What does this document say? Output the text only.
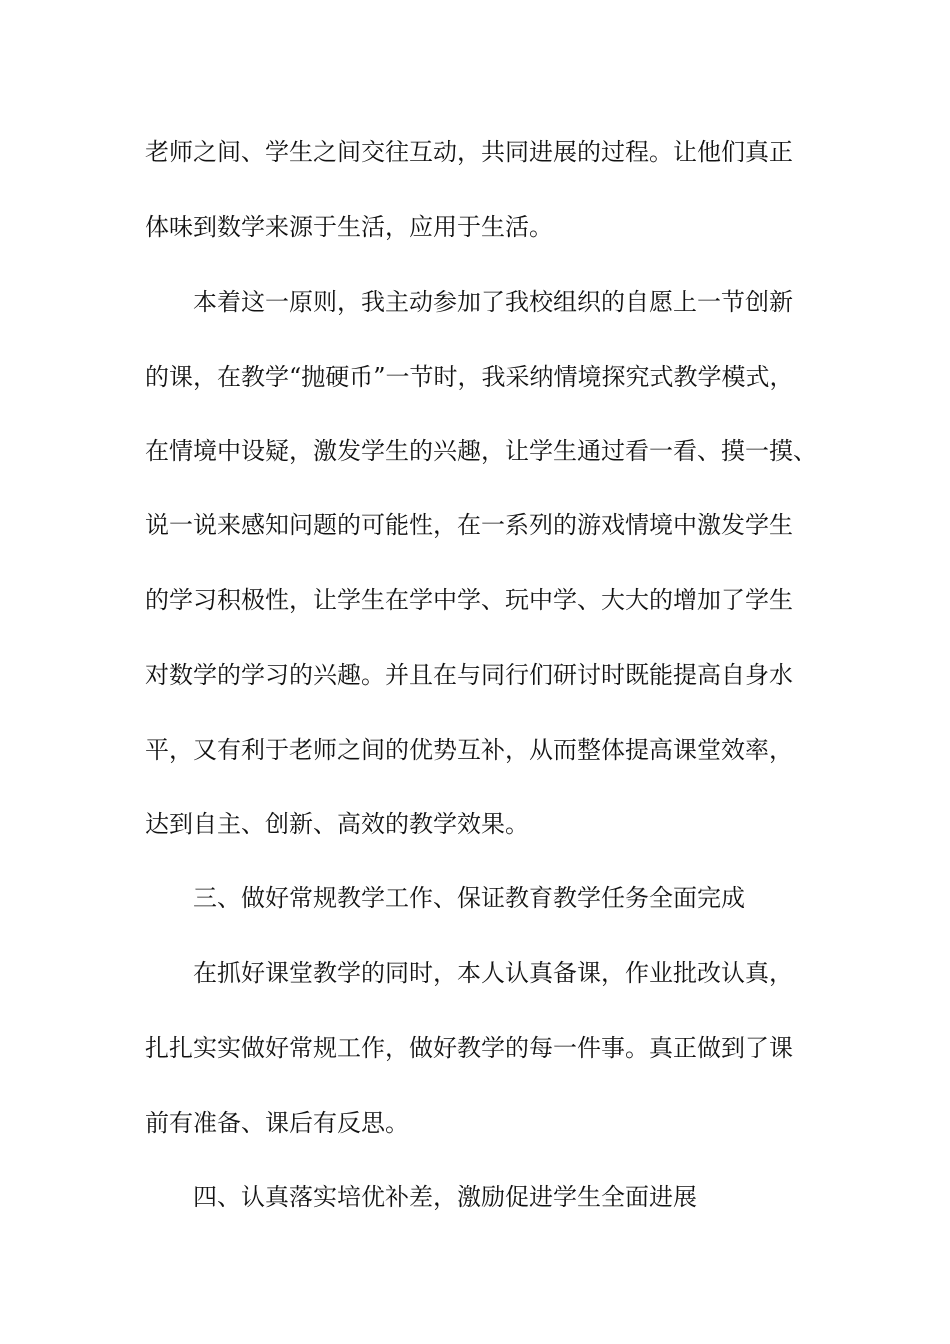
老师之间、学生之间交往互动，共同进展的过程。让他们真正
体味到数学来源于生活，应用于生活。
本着这一原则，我主动参加了我校组织的自愿上一节创新
的课，在教学“抛硬币”一节时，我采纳情境探究式教学模式，
在情境中设疑，激发学生的兴趣，让学生通过看一看、摸一摸、
说一说来感知问题的可能性，在一系列的游戏情境中激发学生
的学习积极性，让学生在学中学、玩中学、大大的增加了学生
对数学的学习的兴趣。并且在与同行们研讨时既能提高自身水
平，又有利于老师之间的优势互补，从而整体提高课堂效率，
达到自主、创新、高效的教学效果。
三、做好常规教学工作、保证教育教学任务全面完成
在抓好课堂教学的同时，本人认真备课，作业批改认真，
扎扎实实做好常规工作，做好教学的每一件事。真正做到了课
前有准备、课后有反思。
四、认真落实培优补差，激励促进学生全面进展
